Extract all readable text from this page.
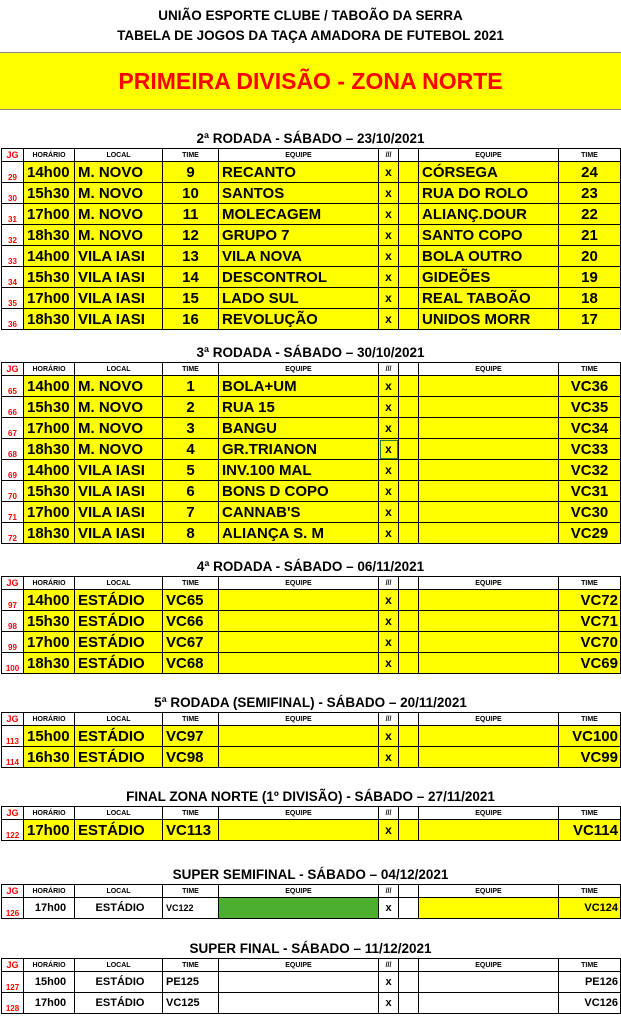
UNIÃO ESPORTE CLUBE / TABOÃO DA SERRA
TABELA DE JOGOS DA TAÇA AMADORA DE FUTEBOL 2021
PRIMEIRA DIVISÃO - ZONA NORTE
2ª RODADA - SÁBADO – 23/10/2021
JG	HORÁRIO	LOCAL	TIME	EQUIPE	///		EQUIPE	TIME
29	14h00	M. NOVO	9	RECANTO	x		CÓRSEGA	24
30	15h30	M. NOVO	10	SANTOS	x		RUA DO ROLO	23
31	17h00	M. NOVO	11	MOLECAGEM	x		ALIANÇ.DOUR	22
32	18h30	M. NOVO	12	GRUPO 7	x		SANTO COPO	21
33	14h00	VILA IASI	13	VILA NOVA	x		BOLA OUTRO	20
34	15h30	VILA IASI	14	DESCONTROL	x		GIDEÕES	19
35	17h00	VILA IASI	15	LADO SUL	x		REAL TABOÃO	18
36	18h30	VILA IASI	16	REVOLUÇÃO	x		UNIDOS MORR	17
3ª RODADA - SÁBADO – 30/10/2021
JG	HORÁRIO	LOCAL	TIME	EQUIPE	///		EQUIPE	TIME
65	14h00	M. NOVO	1	BOLA+UM	x			VC36
66	15h30	M. NOVO	2	RUA 15	x			VC35
67	17h00	M. NOVO	3	BANGU	x			VC34
68	18h30	M. NOVO	4	GR.TRIANON	x			VC33
69	14h00	VILA IASI	5	INV.100 MAL	x			VC32
70	15h30	VILA IASI	6	BONS D COPO	x			VC31
71	17h00	VILA IASI	7	CANNAB'S	x			VC30
72	18h30	VILA IASI	8	ALIANÇA S. M	x			VC29
4ª RODADA - SÁBADO – 06/11/2021
JG	HORÁRIO	LOCAL	TIME	EQUIPE	///		EQUIPE	TIME
97	14h00	ESTÁDIO	VC65		x			VC72
98	15h30	ESTÁDIO	VC66		x			VC71
99	17h00	ESTÁDIO	VC67		x			VC70
100	18h30	ESTÁDIO	VC68		x			VC69
5ª RODADA (SEMIFINAL) - SÁBADO – 20/11/2021
JG	HORÁRIO	LOCAL	TIME	EQUIPE	///		EQUIPE	TIME
113	15h00	ESTÁDIO	VC97		x			VC100
114	16h30	ESTÁDIO	VC98		x			VC99
FINAL ZONA NORTE (1º DIVISÃO) - SÁBADO – 27/11/2021
JG	HORÁRIO	LOCAL	TIME	EQUIPE	///		EQUIPE	TIME
122	17h00	ESTÁDIO	VC113		x			VC114
SUPER SEMIFINAL - SÁBADO – 04/12/2021
JG	HORÁRIO	LOCAL	TIME	EQUIPE	///		EQUIPE	TIME
126	17h00	ESTÁDIO	VC122		x			VC124
SUPER FINAL - SÁBADO – 11/12/2021
JG	HORÁRIO	LOCAL	TIME	EQUIPE	///		EQUIPE	TIME
127	15h00	ESTÁDIO	PE125		x			PE126
128	17h00	ESTÁDIO	VC125		x			VC126
